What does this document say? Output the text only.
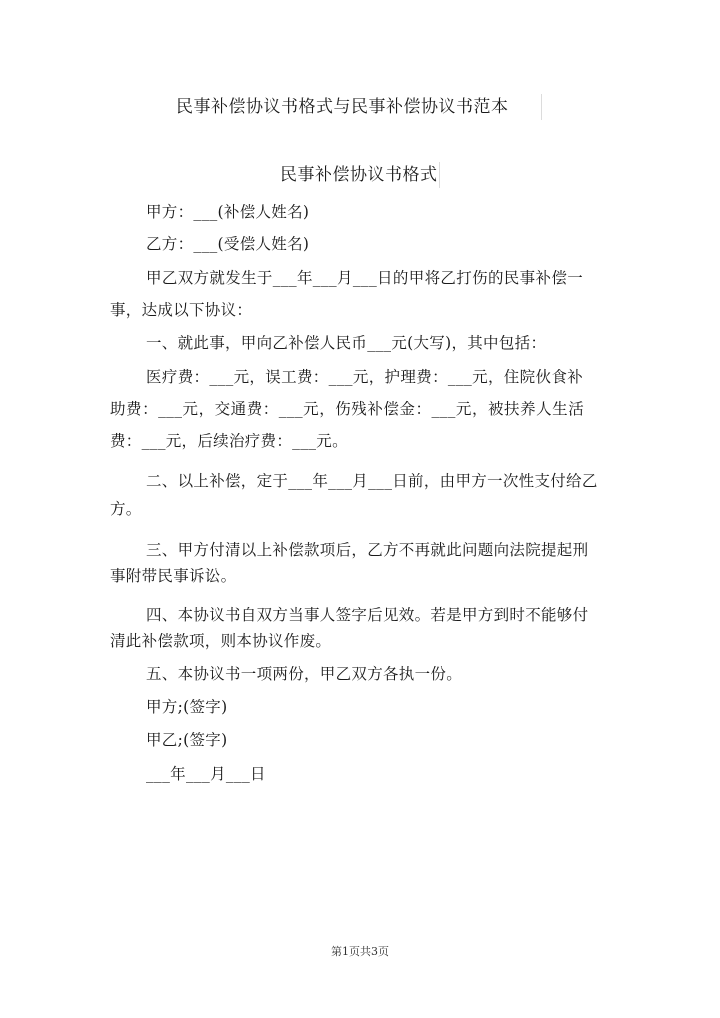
民事补偿协议书格式与民事补偿协议书范本
民事补偿协议书格式
甲方：___(补偿人姓名)
乙方：___(受偿人姓名)
甲乙双方就发生于___年___月___日的甲将乙打伤的民事补偿一
事，达成以下协议：
一、就此事，甲向乙补偿人民币___元(大写)，其中包括：
医疗费：___元，误工费：___元，护理费：___元，住院伙食补
助费：___元，交通费：___元，伤残补偿金：___元，被扶养人生活
费：___元，后续治疗费：___元。
二、以上补偿，定于___年___月___日前，由甲方一次性支付给乙
方。
三、甲方付清以上补偿款项后，乙方不再就此问题向法院提起刑
事附带民事诉讼。
四、本协议书自双方当事人签字后见效。若是甲方到时不能够付
清此补偿款项，则本协议作废。
五、本协议书一项两份，甲乙双方各执一份。
甲方;(签字)
甲乙;(签字)
___年___月___日
第1页共3页
